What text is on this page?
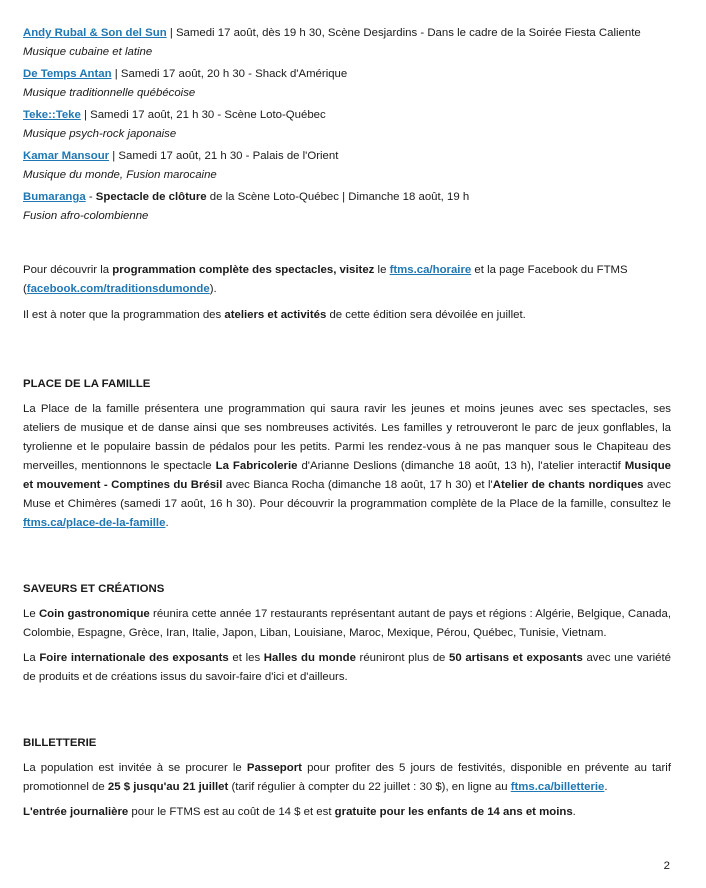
Andy Rubal & Son del Sun | Samedi 17 août, dès 19 h 30, Scène Desjardins - Dans le cadre de la Soirée Fiesta Caliente

Musique cubaine et latine

De Temps Antan | Samedi 17 août, 20 h 30 - Shack d'Amérique

Musique traditionnelle québécoise

Teke::Teke | Samedi 17 août, 21 h 30 - Scène Loto-Québec

Musique psych-rock japonaise

Kamar Mansour | Samedi 17 août, 21 h 30 - Palais de l'Orient

Musique du monde, Fusion marocaine

Bumaranga - Spectacle de clôture de la Scène Loto-Québec | Dimanche 18 août, 19 h

Fusion afro-colombienne

Pour découvrir la programmation complète des spectacles, visitez le ftms.ca/horaire et la page Facebook du FTMS (facebook.com/traditionsdumonde).

Il est à noter que la programmation des ateliers et activités de cette édition sera dévoilée en juillet.

PLACE DE LA FAMILLE

La Place de la famille présentera une programmation qui saura ravir les jeunes et moins jeunes avec ses spectacles, ses ateliers de musique et de danse ainsi que ses nombreuses activités. Les familles y retrouveront le parc de jeux gonflables, la tyrolienne et le populaire bassin de pédalos pour les petits. Parmi les rendez-vous à ne pas manquer sous le Chapiteau des merveilles, mentionnons le spectacle La Fabricolerie d'Arianne Deslions (dimanche 18 août, 13 h), l'atelier interactif Musique et mouvement - Comptines du Brésil avec Bianca Rocha (dimanche 18 août, 17 h 30) et l'Atelier de chants nordiques avec Muse et Chimères (samedi 17 août, 16 h 30). Pour découvrir la programmation complète de la Place de la famille, consultez le ftms.ca/place-de-la-famille.

SAVEURS ET CRÉATIONS

Le Coin gastronomique réunira cette année 17 restaurants représentant autant de pays et régions : Algérie, Belgique, Canada, Colombie, Espagne, Grèce, Iran, Italie, Japon, Liban, Louisiane, Maroc, Mexique, Pérou, Québec, Tunisie, Vietnam.

La Foire internationale des exposants et les Halles du monde réuniront plus de 50 artisans et exposants avec une variété de produits et de créations issus du savoir-faire d'ici et d'ailleurs.

BILLETTERIE

La population est invitée à se procurer le Passeport pour profiter des 5 jours de festivités, disponible en prévente au tarif promotionnel de 25 $ jusqu'au 21 juillet (tarif régulier à compter du 22 juillet : 30 $), en ligne au ftms.ca/billetterie.

L'entrée journalière pour le FTMS est au coût de 14 $ et est gratuite pour les enfants de 14 ans et moins.

2
